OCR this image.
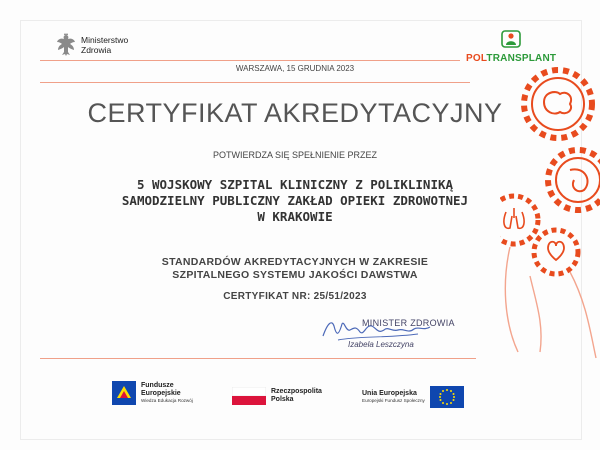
Ministerstwo
Zdrowia
POLTRANSPLANT
WARSZAWA, 15 GRUDNIA 2023
CERTYFIKAT AKREDYTACYJNY
POTWIERDZA SIĘ SPEŁNIENIE PRZEZ
5 WOJSKOWY SZPITAL KLINICZNY Z POLIKLINIKĄ
SAMODZIELNY PUBLICZNY ZAKŁAD OPIEKI ZDROWOTNEJ
W KRAKOWIE
STANDARDÓW AKREDYTACYJNYCH W ZAKRESIE
SZPITALNEGO SYSTEMU JAKOŚCI DAWSTWA
CERTYFIKAT NR: 25/51/2023
MINISTER ZDROWIA
Izabela Leszczyna
Fundusze
Europejskie
Wiedza Edukacja Rozwój
Rzeczpospolita
Polska
Unia Europejska
Europejski Fundusz Społeczny
